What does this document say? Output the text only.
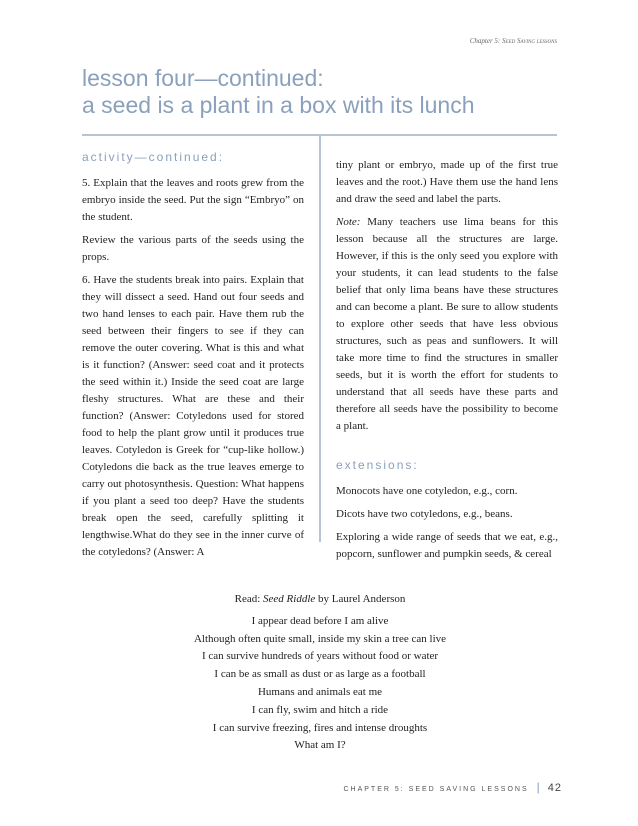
Chapter 5: Seed Saving lessons
lesson four—continued:
a seed is a plant in a box with its lunch
activity—continued:

5. Explain that the leaves and roots grew from the embryo inside the seed. Put the sign “Embryo” on the student.

Review the various parts of the seeds using the props.

6. Have the students break into pairs. Explain that they will dissect a seed. Hand out four seeds and two hand lenses to each pair. Have them rub the seed between their fingers to see if they can remove the outer covering. What is this and what is it function? (Answer: seed coat and it protects the seed within it.) Inside the seed coat are large fleshy structures. What are these and their function? (Answer: Cotyledons used for stored food to help the plant grow until it produces true leaves. Cotyledon is Greek for “cup-like hollow.) Cotyledons die back as the true leaves emerge to carry out photosynthesis. Question: What happens if you plant a seed too deep? Have the students break open the seed, carefully splitting it lengthwise.What do they see in the inner curve of the cotyledons? (Answer: A

tiny plant or embryo, made up of the first true leaves and the root.) Have them use the hand lens and draw the seed and label the parts.

Note: Many teachers use lima beans for this lesson because all the structures are large. However, if this is the only seed you explore with your students, it can lead students to the false belief that only lima beans have these structures and can become a plant. Be sure to allow students to explore other seeds that have less obvious structures, such as peas and sunflowers. It will take more time to find the structures in smaller seeds, but it is worth the effort for students to understand that all seeds have these parts and therefore all seeds have the possibility to become a plant.

extensions:

Monocots have one cotyledon, e.g., corn.

Dicots have two cotyledons, e.g., beans.

Exploring a wide range of seeds that we eat, e.g., popcorn, sunflower and pumpkin seeds, & cereal

Read: Seed Riddle by Laurel Anderson
I appear dead before I am alive
Although often quite small, inside my skin a tree can live
I can survive hundreds of years without food or water
I can be as small as dust or as large as a football
Humans and animals eat me
I can fly, swim and hitch a ride
I can survive freezing, fires and intense droughts
What am I?
CHAPTER 5: SEED SAVING LESSONS | 42
